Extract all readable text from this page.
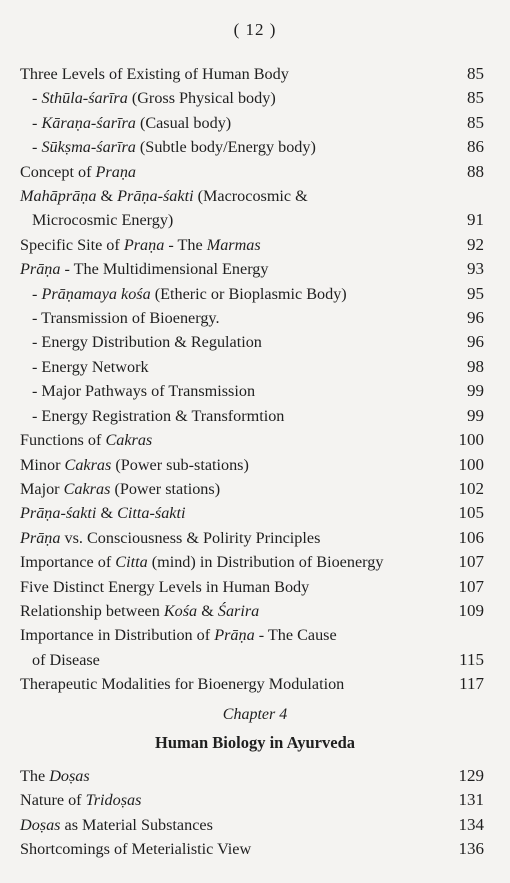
( 12 )
Three Levels of Existing of Human Body	85
- Sthūla-śarīra (Gross Physical body)	85
- Kāraṇa-śarīra (Casual body)	85
- Sūkṣma-śarīra (Subtle body/Energy body)	86
Concept of Praṇa	88
Mahāprāṇa & Prāṇa-śakti (Macrocosmic &
Microcosmic Energy)	91
Specific Site of Praṇa - The Marmas	92
Prāṇa - The Multidimensional Energy	93
- Prāṇamaya kośa (Etheric or Bioplasmic Body)	95
- Transmission of Bioenergy.	96
- Energy Distribution & Regulation	96
- Energy Network	98
- Major Pathways of Transmission	99
- Energy Registration & Transformtion	99
Functions of Cakras	100
Minor Cakras (Power sub-stations)	100
Major Cakras (Power stations)	102
Prāṇa-śakti & Citta-śakti	105
Prāṇa vs. Consciousness & Polirity Principles	106
Importance of Citta (mind) in Distribution of Bioenergy	107
Five Distinct Energy Levels in Human Body	107
Relationship between Kośa & Śarira	109
Importance in Distribution of Prāṇa - The Cause
of Disease	115
Therapeutic Modalities for Bioenergy Modulation	117
Chapter 4
Human Biology in Ayurveda
The Doṣas	129
Nature of Tridoṣas	131
Doṣas as Material Substances	134
Shortcomings of Meterialistic View	136
